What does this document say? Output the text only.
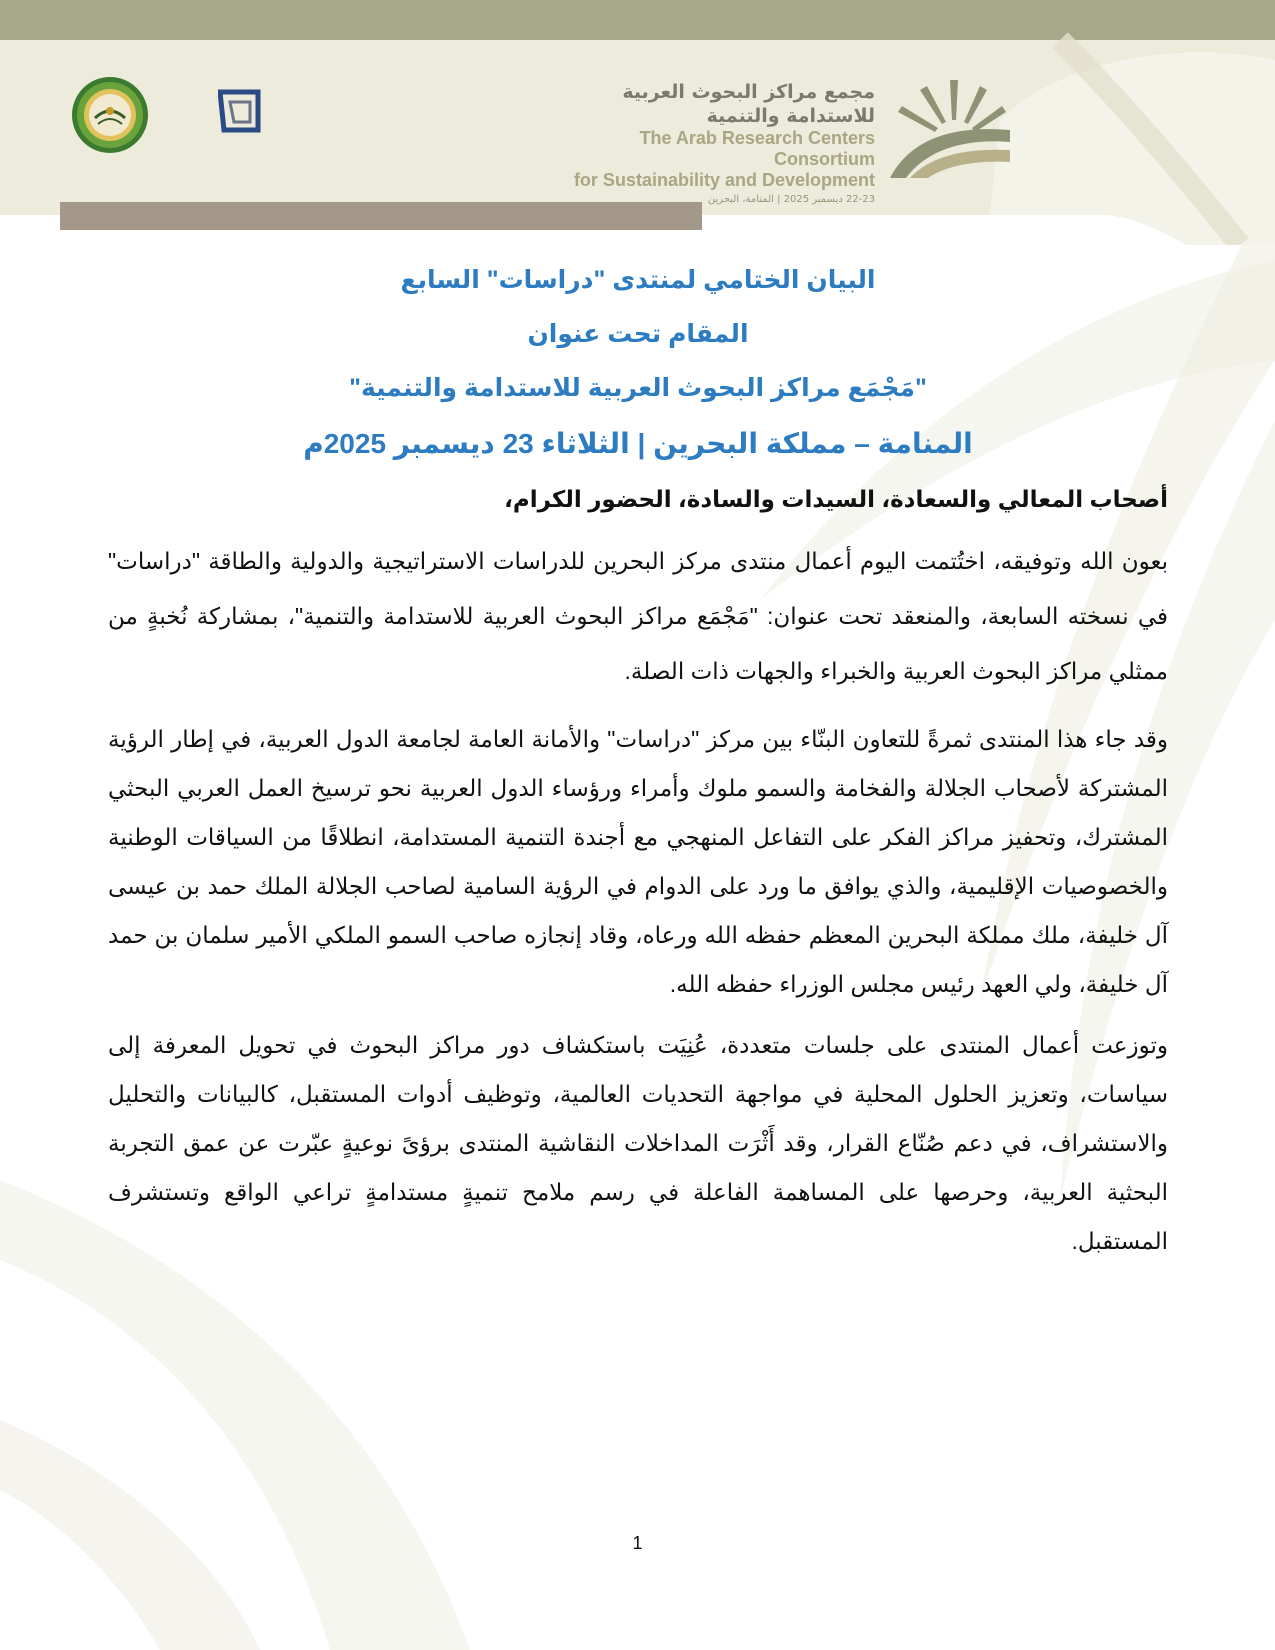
مجمع مراكز البحوث العربية للاستدامة والتنمية
The Arab Research Centers Consortium
for Sustainability and Development
22-23 ديسمبر 2025 | المنامة، البحرين

البيان الختامي لمنتدى "دراسات" السابع

المقام تحت عنوان

"مَجْمَع مراكز البحوث العربية للاستدامة والتنمية"

المنامة – مملكة البحرين | الثلاثاء 23 ديسمبر 2025م

أصحاب المعالي والسعادة، السيدات والسادة، الحضور الكرام،

بعون الله وتوفيقه، اختُتمت اليوم أعمال منتدى مركز البحرين للدراسات الاستراتيجية والدولية والطاقة "دراسات" في نسخته السابعة، والمنعقد تحت عنوان: "مَجْمَع مراكز البحوث العربية للاستدامة والتنمية"، بمشاركة نُخبةٍ من ممثلي مراكز البحوث العربية والخبراء والجهات ذات الصلة.

وقد جاء هذا المنتدى ثمرةً للتعاون البنّاء بين مركز "دراسات" والأمانة العامة لجامعة الدول العربية، في إطار الرؤية المشتركة لأصحاب الجلالة والفخامة والسمو ملوك وأمراء ورؤساء الدول العربية نحو ترسيخ العمل العربي البحثي المشترك، وتحفيز مراكز الفكر على التفاعل المنهجي مع أجندة التنمية المستدامة، انطلاقًا من السياقات الوطنية والخصوصيات الإقليمية، والذي يوافق ما ورد على الدوام في الرؤية السامية لصاحب الجلالة الملك حمد بن عيسى آل خليفة، ملك مملكة البحرين المعظم حفظه الله ورعاه، وقاد إنجازه صاحب السمو الملكي الأمير سلمان بن حمد آل خليفة، ولي العهد رئيس مجلس الوزراء حفظه الله.

وتوزعت أعمال المنتدى على جلسات متعددة، عُنِيَت باستكشاف دور مراكز البحوث في تحويل المعرفة إلى سياسات، وتعزيز الحلول المحلية في مواجهة التحديات العالمية، وتوظيف أدوات المستقبل، كالبيانات والتحليل والاستشراف، في دعم صُنّاع القرار، وقد أَثْرَت المداخلات النقاشية المنتدى برؤىً نوعيةٍ عبّرت عن عمق التجربة البحثية العربية، وحرصها على المساهمة الفاعلة في رسم ملامح تنميةٍ مستدامةٍ تراعي الواقع وتستشرف المستقبل.

1
